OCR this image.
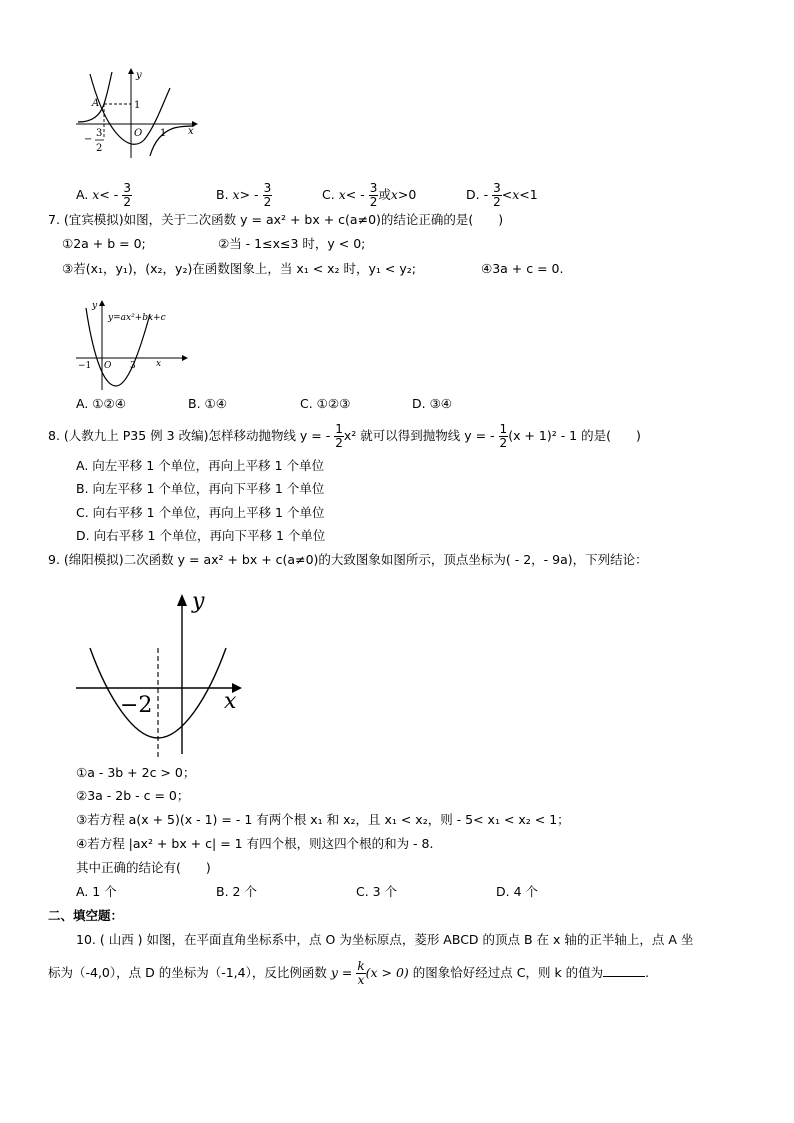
y
x
A	1
O 1
−
3
2
A. $x< - \frac{3}{2}$	B. $x> - \frac{3}{2}$	C. $x< - \frac{3}{2}$ 或x>0	D. - $\frac{3}{2} <x<1$
7. (宜宾模拟)如图，关于二次函数 y = ax² + bx + c(a≠0)的结论正确的是(　　)
①2a + b = 0;	②当 - 1≤x≤3 时，y < 0;
③若(x₁，y₁)，(x₂，y₂)在函数图象上，当 x₁ < x₂ 时，y₁ < y₂;	④3a + c = 0.
y
y=ax²+bx+c
−1 O 3 x
A. ①②④	B. ①④	C. ①②③	D. ③④
8. (人教九上 P35 例 3 改编)怎样移动抛物线 y = - $\frac{1}{2} x^2$ 就可以得到抛物线 y = - $\frac{1}{2} (x + 1)^2 - 1$ 的是(　　)
A. 向左平移 1 个单位，再向上平移 1 个单位
B. 向左平移 1 个单位，再向下平移 1 个单位
C. 向右平移 1 个单位，再向上平移 1 个单位
D. 向右平移 1 个单位，再向下平移 1 个单位
9. (绵阳模拟)二次函数 y = ax² + bx + c(a≠0)的大致图象如图所示，顶点坐标为( - 2，- 9a)，下列结论：
y
x
−2
①a - 3b + 2c > 0；
②3a - 2b - c = 0；
③若方程 a(x + 5)(x - 1) = - 1 有两个根 x₁ 和 x₂，且 x₁ < x₂，则 - 5< x₁ < x₂ < 1；
④若方程 |ax² + bx + c| = 1 有四个根，则这四个根的和为 - 8.
其中正确的结论有(　　)
A. 1 个	B. 2 个	C. 3 个	D. 4 个
二、填空题：
10. ( 山西 ) 如图，在平面直角坐标系中，点 O 为坐标原点，菱形 ABCD 的顶点 B 在 x 轴的正半轴上，点 A 坐
标为（-4,0），点 D 的坐标为（-1,4），反比例函数 $y = \frac{k}{x} (x > 0)$ 的图象恰好经过点 C，则 k 的值为	.
